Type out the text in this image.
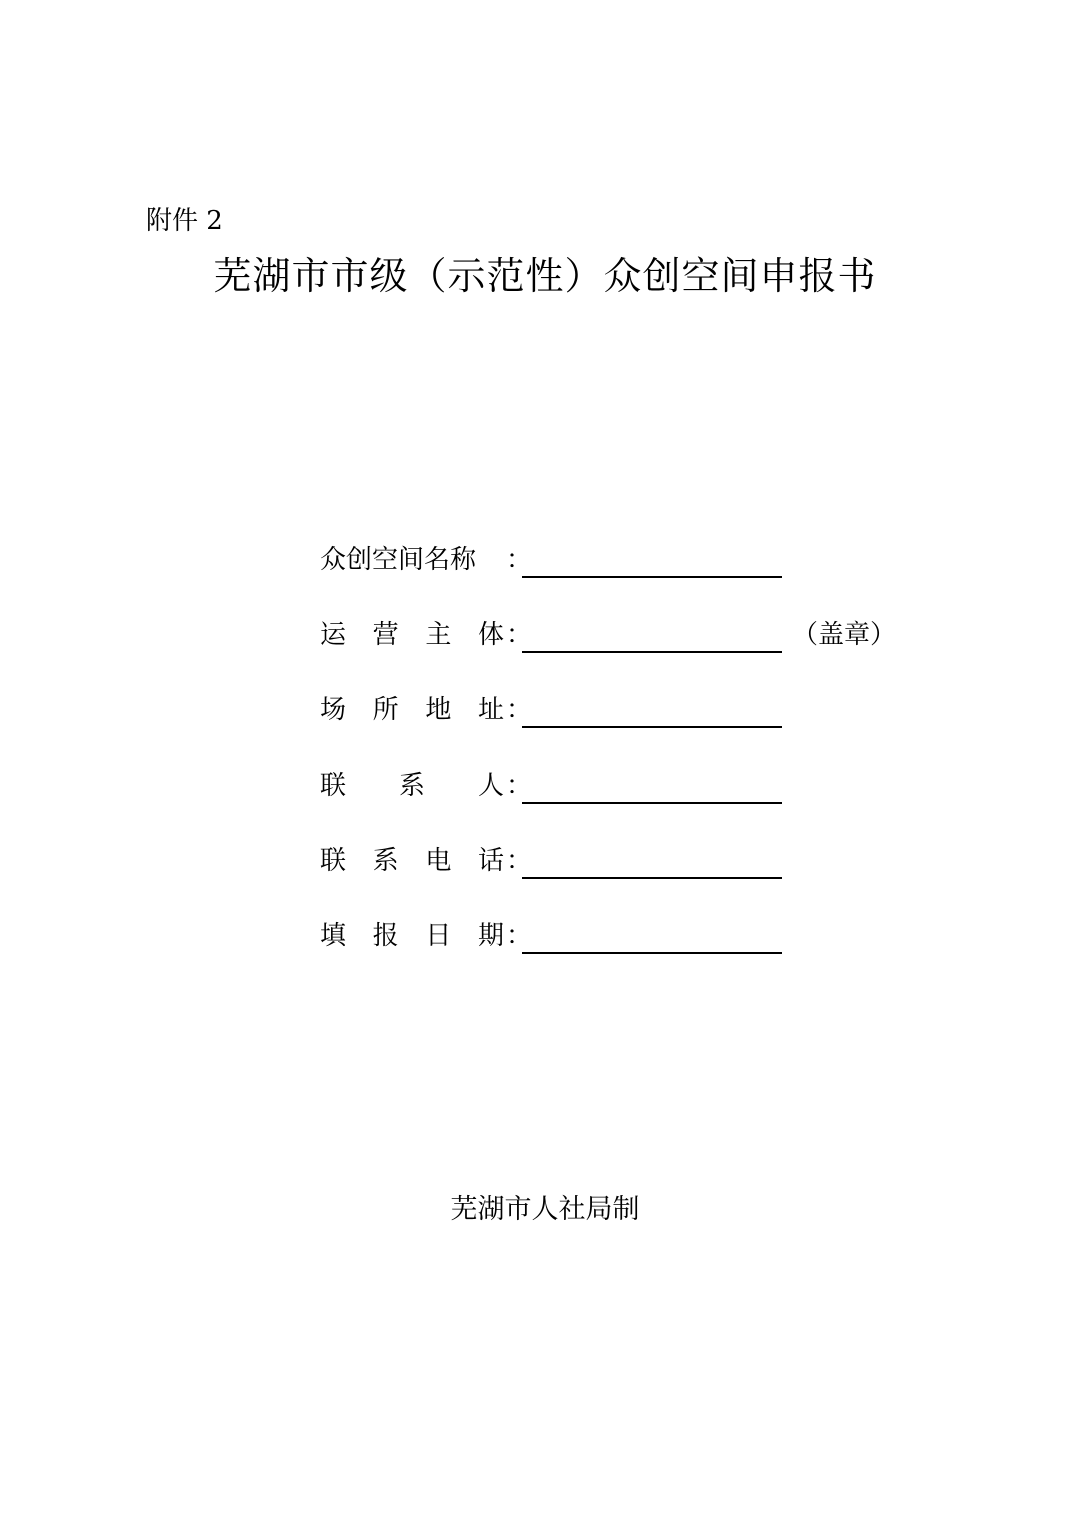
附件 2
芜湖市市级（示范性）众创空间申报书
众创空间名称	：
运 营 主 体 ：	（盖章）
场 所 地 址 ：
联 系 人 ：
联 系 电 话 ：
填 报 日 期 ：
芜湖市人社局制
